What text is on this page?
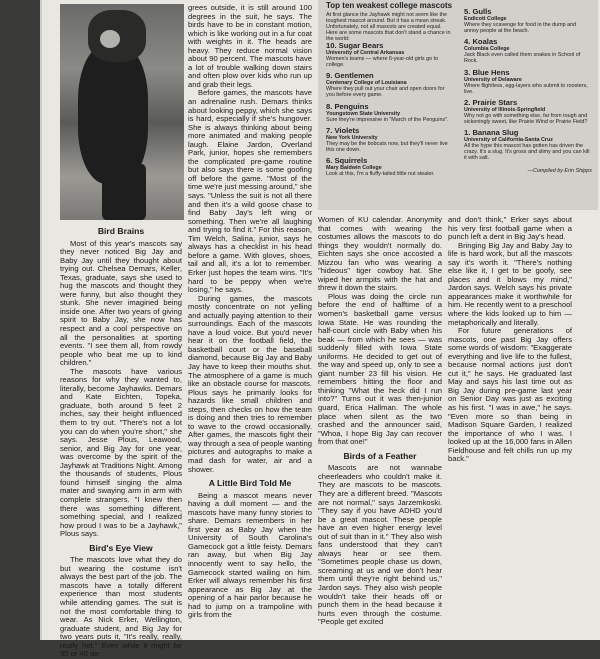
Bird Brains

Most of this year's mascots say they never noticed Big Jay and Baby Jay until they thought about trying out. Chelsea Demars, Keller, Texas, graduate, says she used to hug the mascots and thought they were funny, but also thought they stunk. She never imagined being inside one. After two years of giving spirit to Baby Jay, she now has respect and a cool perspective on all the personalities at sporting events. "I see them all, from rowdy people who beat me up to kind children."

The mascots have various reasons for why they wanted to, literally, become Jayhawks. Demars and Kate Eichten, Topeka, graduate, both around 5 feet 2 inches, say their height influenced them to try out. "There's not a lot you can do when you're short," she says. Jesse Plous, Leawood, senior, and Big Jay for one year, was overcome by the spirit of the Jayhawk at Traditions Night. Among the thousands of students, Plous found himself singing the alma mater and swaying arm in arm with complete strangers. "I knew then there was something different, something special, and I realized how proud I was to be a Jayhawk," Plous says.

Bird's Eye View

The mascots love what they do but wearing the costume isn't always the best part of the job. The mascots have a totally different experience than most students while attending games. The suit is not the most comfortable thing to wear. As Nick Erker, Wellington, graduate student, and Big Jay for two years puts it, "It's really, really, really hot." Even while it might be 30 or 40 de-

grees outside, it is still around 100 degrees in the suit, he says. The birds have to be in constant motion, which is like working out in a fur coat with weights in it. The heads are heavy. They reduce normal vision about 90 percent. The mascots have a lot of trouble walking down stairs and often plow over kids who run up and grab their legs.

Before games, the mascots have an adrenaline rush. Demars thinks about looking peppy, which she says is hard, especially if she's hungover. She is always thinking about being more animated and making people laugh. Elaine Jardon, Overland Park, junior, hopes she remembers the complicated pre-game routine but also says there is some goofing off before the game. "Most of the time we're just messing around," she says. "Unless the suit is not all there and then it's a wild goose chase to find Baby Jay's left wing or something. Then we're all laughing and trying to find it." For this reason, Tim Welch, Salina, junior, says he always has a checklist in his head before a game. With gloves, shoes, tail and all, it's a lot to remember. Erker just hopes the team wins. "It's hard to be peppy when we're losing," he says.

During games, the mascots mostly concentrate on not yelling and actually paying attention to their surroundings. Each of the mascots have a loud voice. But you'd never hear it on the football field, the basketball court or the baseball diamond, because Big Jay and Baby Jay have to keep their mouths shut. The atmosphere of a game is much like an obstacle course for mascots. Plous says he primarily looks for hazards like small children and steps, then checks on how the team is doing and then tries to remember to wave to the crowd occasionally. After games, the mascots fight their way through a sea of people wanting pictures and autographs to make a mad dash for water, air and a shower.

A Little Bird Told Me

Being a mascot means never having a dull moment — and the mascots have many funny stories to share. Demars remembers in her first year as Baby Jay when the University of South Carolina's Gamecock got a little feisty. Demars ran away, but when Big Jay innocently went to say hello, the Gamecock started wailing on him. Erker will always remember his first appearance as Big Jay at the opening of a hair parlor because he had to jump on a trampoline with girls from the

Top ten weakest college mascots
At first glance the Jayhawk might not seem like the toughest mascot around. But it has a mean streak. Unfortunately, not all mascots are created equal. Here are some mascots that don't stand a chance in the world:
10. Sugar Bears
University of Central Arkansas
Women's teams — where 6-year-old girls go to college.
9. Gentlemen
Centenary College of Louisiana
Where they pull out your chair and open doors for you before every game.
8. Penguins
Youngstown State University
Sure they're impressive in "March of the Penguins".
7. Violets
New York University
They may be the bobcats now, but they'll never live this one down.
6. Squirrels
Mary Baldwin College
Look at this, I'm a fluffy-tailed little nut stealer.
5. Gulls
Endicott College
Where they scavenge for food in the dump and annoy people at the beach.
4. Koalas
Columbia College
Jack Black even called them snakes in School of Rock.
3. Blue Hens
University of Delaware
Where flightless, egg-layers who submit to roosters, live.
2. Prairie Stars
University of Illinois-Springfield
Why not go with something else, far from tough and sickeningly sweet, like Prairie Wind or Prairie Field?
1. Banana Slug
University of California-Santa Cruz
All the hype this mascot has gotten has driven the crazy. It's a slug. It's gross and slimy and you can kill it with salt.
—Compiled by Erin Shipps

Women of KU calendar. Anonymity that comes with wearing the costumes allows the mascots to do things they wouldn't normally do. Eichten says she once accosted a Mizzou fan who was wearing a "hideous" tiger cowboy hat. She wiped her armpits with the hat and threw it down the stairs.

Plous was doing the circle run before the end of halftime of a women's basketball game versus Iowa State. He was rounding the half-court circle with Baby when his beak — from which he sees — was suddenly filled with Iowa State uniforms. He decided to get out of the way and speed up, only to see a giant number 23 fill his vision. He remembers hitting the floor and thinking "What the heck did I run into?" Turns out it was then-junior guard, Erica Hallman. The whole place when silent as the two crashed and the announcer said, "Whoa, I hope Big Jay can recover from that one!"

Birds of a Feather

Mascots are not wannabe cheerleaders who couldn't make it. They are mascots to be mascots. They are a different breed. "Mascots are not normal," says Jarzemkoski. "They say if you have ADHD you'd be a great mascot. These people have an even higher energy level out of suit than in it." They also wish fans understood that they can't always hear or see them. "Sometimes people chase us down, screaming at us and we don't hear them until they're right behind us," Jardon says. They also wish people wouldn't take their heads off or punch them in the head because it hurts even through the costume. "People get excited

and don't think," Erker says about his very first football game when a punch left a dent in Big Jay's head.

Bringing Big Jay and Baby Jay to life is hard work, but all the mascots say it's worth it. "There's nothing else like it, I get to be goofy, see places and it blows my mind," Jardon says. Welch says his private appearances make it worthwhile for him. He recently went to a preschool where the kids looked up to him — metaphorically and literally.

For future generations of mascots, one past Big Jay offers some words of wisdom: "Exaggerate everything and live life to the fullest, because normal actions just don't cut it," he says. He graduated last May and says his last time out as Big Jay during pre-game last year on Senior Day was just as exciting as his first. "I was in awe," he says. "Even more so than being in Madison Square Garden, I realized the importance of who I was. I looked up at the 16,000 fans in Allen Fieldhouse and felt chills run up my back."
